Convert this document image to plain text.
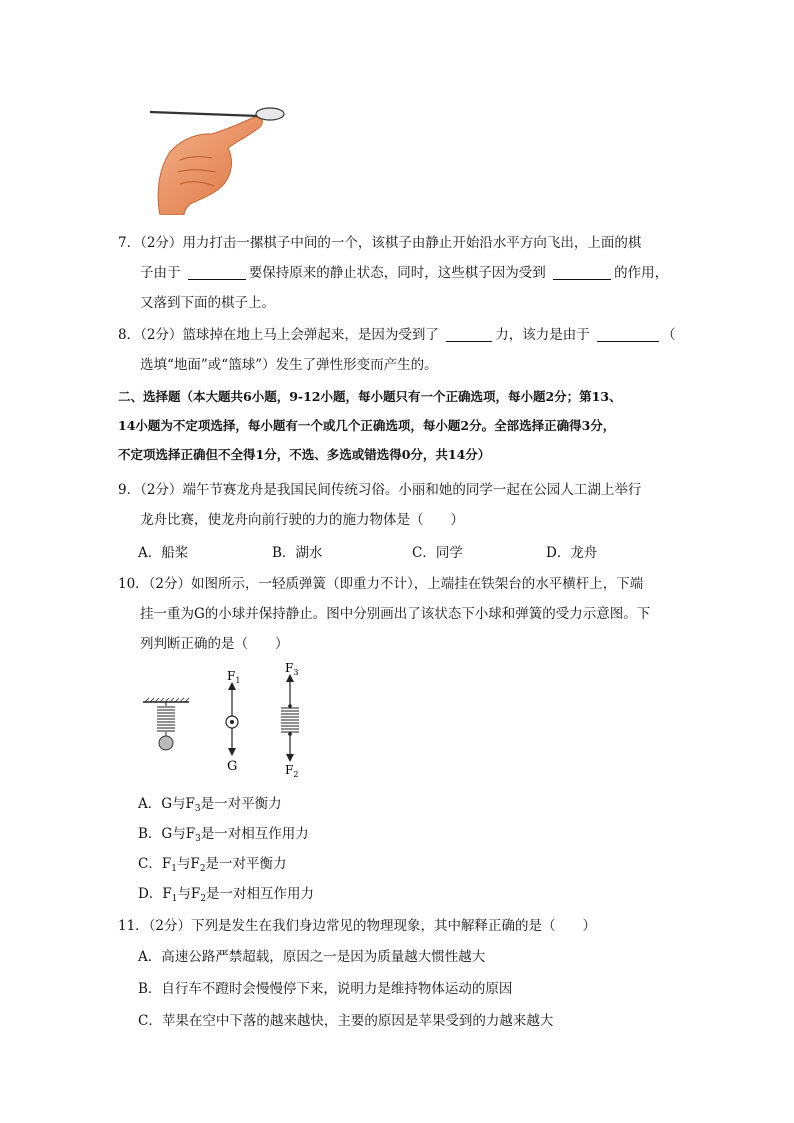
7．（2分）用力打击一摞棋子中间的一个，该棋子由静止开始沿水平方向飞出，上面的棋
子由于	要保持原来的静止状态，同时，这些棋子因为受到	的作用，
又落到下面的棋子上。
8．（2分）篮球掉在地上马上会弹起来，是因为受到了	力，该力是由于	（
选填“地面”或“篮球”）发生了弹性形变而产生的。
二、选择题（本大题共6小题，9-12小题，每小题只有一个正确选项，每小题2分；第13、
14小题为不定项选择，每小题有一个或几个正确选项，每小题2分。全部选择正确得3分，
不定项选择正确但不全得1分，不选、多选或错选得0分，共14分）
9．（2分）端午节赛龙舟是我国民间传统习俗。小丽和她的同学一起在公园人工湖上举行
龙舟比赛，使龙舟向前行驶的力的施力物体是（　　）
A．船桨	B．湖水	C．同学	D．龙舟
10．（2分）如图所示，一轻质弹簧（即重力不计），上端挂在铁架台的水平横杆上，下端
挂一重为G的小球并保持静止。图中分别画出了该状态下小球和弹簧的受力示意图。下
列判断正确的是（　　）
$F_1$
G
$F_3$
$F_2$
A．G与$F_3$是一对平衡力
B．G与$F_3$是一对相互作用力
C．$F_1$与$F_2$是一对平衡力
D．$F_1$与$F_2$是一对相互作用力
11．（2分）下列是发生在我们身边常见的物理现象，其中解释正确的是（　　）
A．高速公路严禁超载，原因之一是因为质量越大惯性越大
B．自行车不蹬时会慢慢停下来，说明力是维持物体运动的原因
C．苹果在空中下落的越来越快，主要的原因是苹果受到的力越来越大
